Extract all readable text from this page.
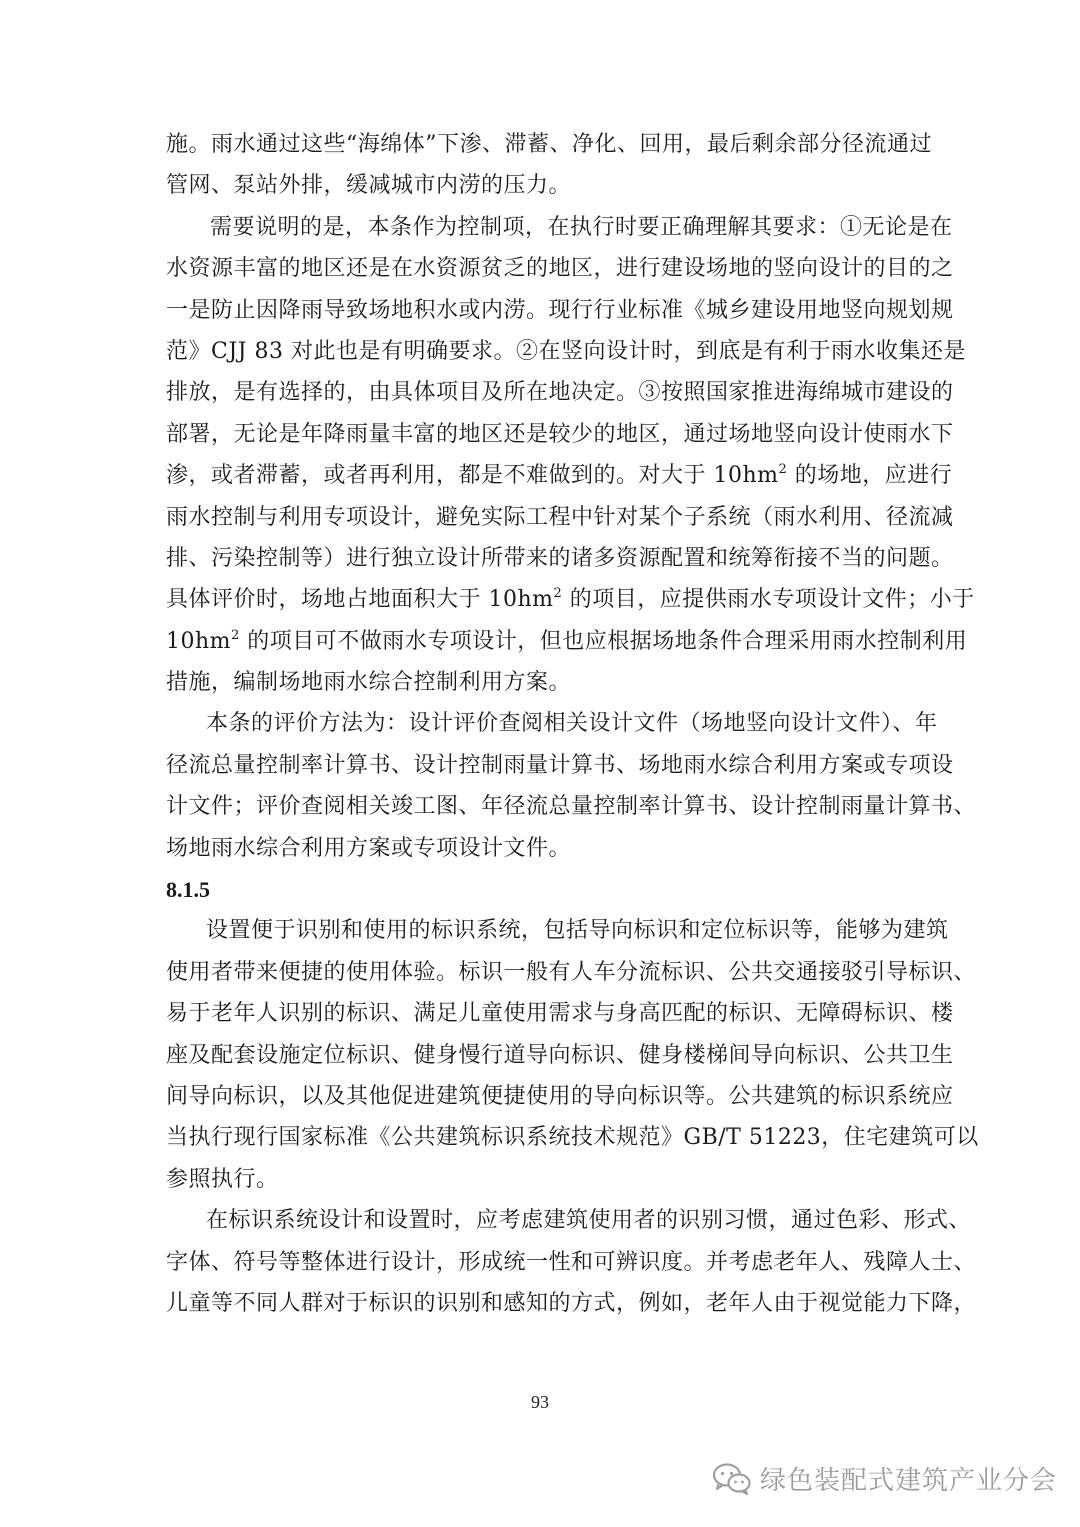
施。雨水通过这些“海绵体”下渗、滞蓄、净化、回用，最后剩余部分径流通过
管网、泵站外排，缓减城市内涝的压力。
需要说明的是，本条作为控制项，在执行时要正确理解其要求：①无论是在
水资源丰富的地区还是在水资源贫乏的地区，进行建设场地的竖向设计的目的之
一是防止因降雨导致场地积水或内涝。现行行业标准《城乡建设用地竖向规划规
范》CJJ 83 对此也是有明确要求。②在竖向设计时，到底是有利于雨水收集还是
排放，是有选择的，由具体项目及所在地决定。③按照国家推进海绵城市建设的
部署，无论是年降雨量丰富的地区还是较少的地区，通过场地竖向设计使雨水下
渗，或者滞蓄，或者再利用，都是不难做到的。对大于 $10hm^2$ 的场地，应进行
雨水控制与利用专项设计，避免实际工程中针对某个子系统（雨水利用、径流减
排、污染控制等）进行独立设计所带来的诸多资源配置和统筹衔接不当的问题。
具体评价时，场地占地面积大于 $10hm^2$ 的项目，应提供雨水专项设计文件；小于
$10hm^2$ 的项目可不做雨水专项设计，但也应根据场地条件合理采用雨水控制利用
措施，编制场地雨水综合控制利用方案。
本条的评价方法为：设计评价查阅相关设计文件（场地竖向设计文件）、年
径流总量控制率计算书、设计控制雨量计算书、场地雨水综合利用方案或专项设
计文件；评价查阅相关竣工图、年径流总量控制率计算书、设计控制雨量计算书、
场地雨水综合利用方案或专项设计文件。
8.1.5
设置便于识别和使用的标识系统，包括导向标识和定位标识等，能够为建筑
使用者带来便捷的使用体验。标识一般有人车分流标识、公共交通接驳引导标识、
易于老年人识别的标识、满足儿童使用需求与身高匹配的标识、无障碍标识、楼
座及配套设施定位标识、健身慢行道导向标识、健身楼梯间导向标识、公共卫生
间导向标识，以及其他促进建筑便捷使用的导向标识等。公共建筑的标识系统应
当执行现行国家标准《公共建筑标识系统技术规范》GB/T 51223，住宅建筑可以
参照执行。
在标识系统设计和设置时，应考虑建筑使用者的识别习惯，通过色彩、形式、
字体、符号等整体进行设计，形成统一性和可辨识度。并考虑老年人、残障人士、
儿童等不同人群对于标识的识别和感知的方式，例如，老年人由于视觉能力下降，
93
绿色装配式建筑产业分会
